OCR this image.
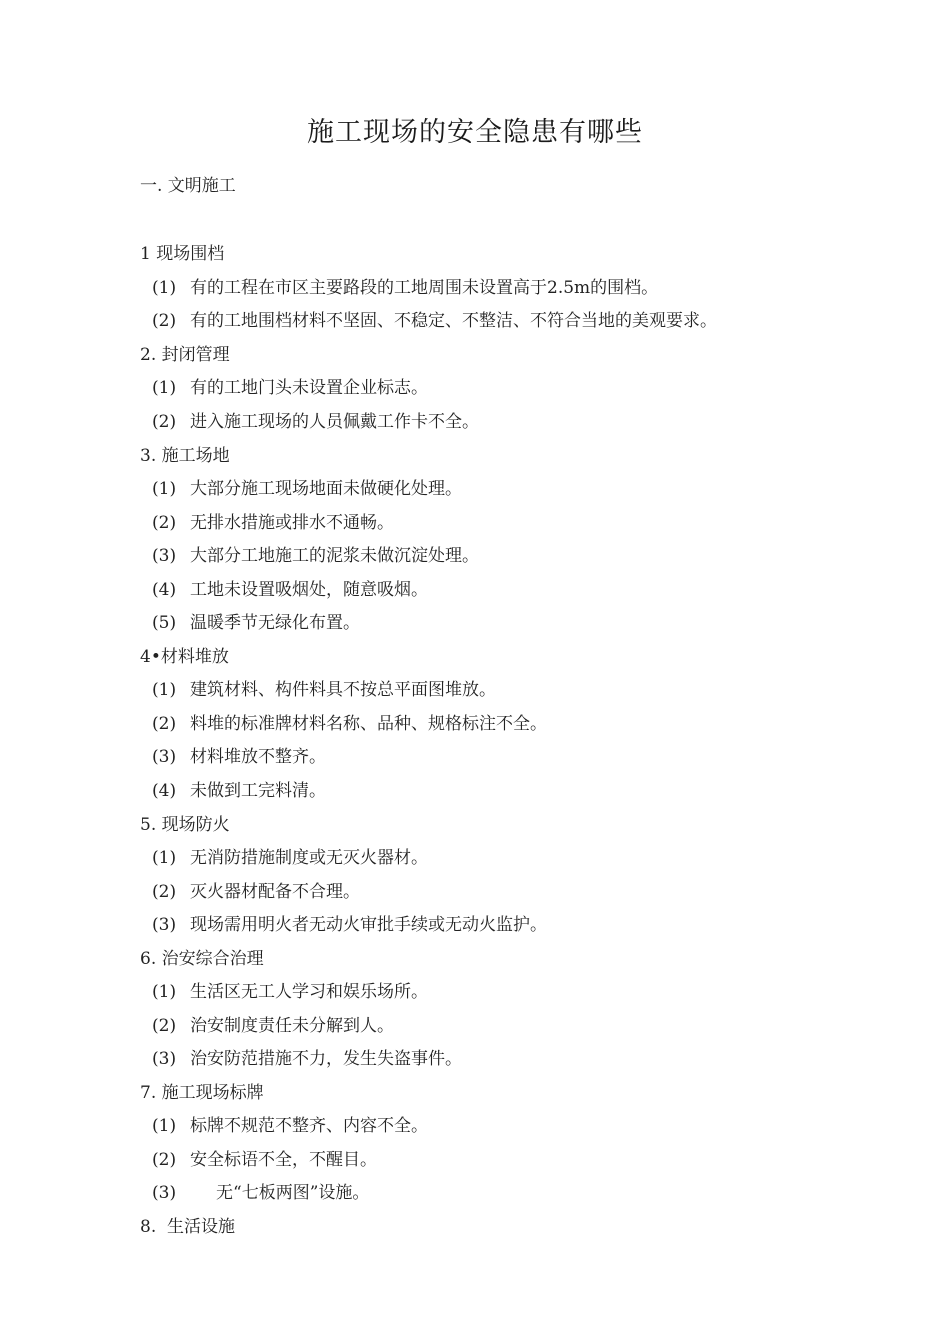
施工现场的安全隐患有哪些
一. 文明施工
1 现场围档
(1) 有的工程在市区主要路段的工地周围未设置高于2.5m的围档。
(2) 有的工地围档材料不坚固、不稳定、不整洁、不符合当地的美观要求。
2. 封闭管理
(1) 有的工地门头未设置企业标志。
(2) 进入施工现场的人员佩戴工作卡不全。
3. 施工场地
(1) 大部分施工现场地面未做硬化处理。
(2) 无排水措施或排水不通畅。
(3) 大部分工地施工的泥浆未做沉淀处理。
(4) 工地未设置吸烟处，随意吸烟。
(5) 温暖季节无绿化布置。
4•材料堆放
(1) 建筑材料、构件料具不按总平面图堆放。
(2) 料堆的标准牌材料名称、品种、规格标注不全。
(3) 材料堆放不整齐。
(4) 未做到工完料清。
5. 现场防火
(1) 无消防措施制度或无灭火器材。
(2) 灭火器材配备不合理。
(3) 现场需用明火者无动火审批手续或无动火监护。
6. 治安综合治理
(1) 生活区无工人学习和娱乐场所。
(2) 治安制度责任未分解到人。
(3) 治安防范措施不力，发生失盗事件。
7. 施工现场标牌
(1) 标牌不规范不整齐、内容不全。
(2) 安全标语不全，不醒目。
(3) 无“七板两图”设施。
8.  生活设施
